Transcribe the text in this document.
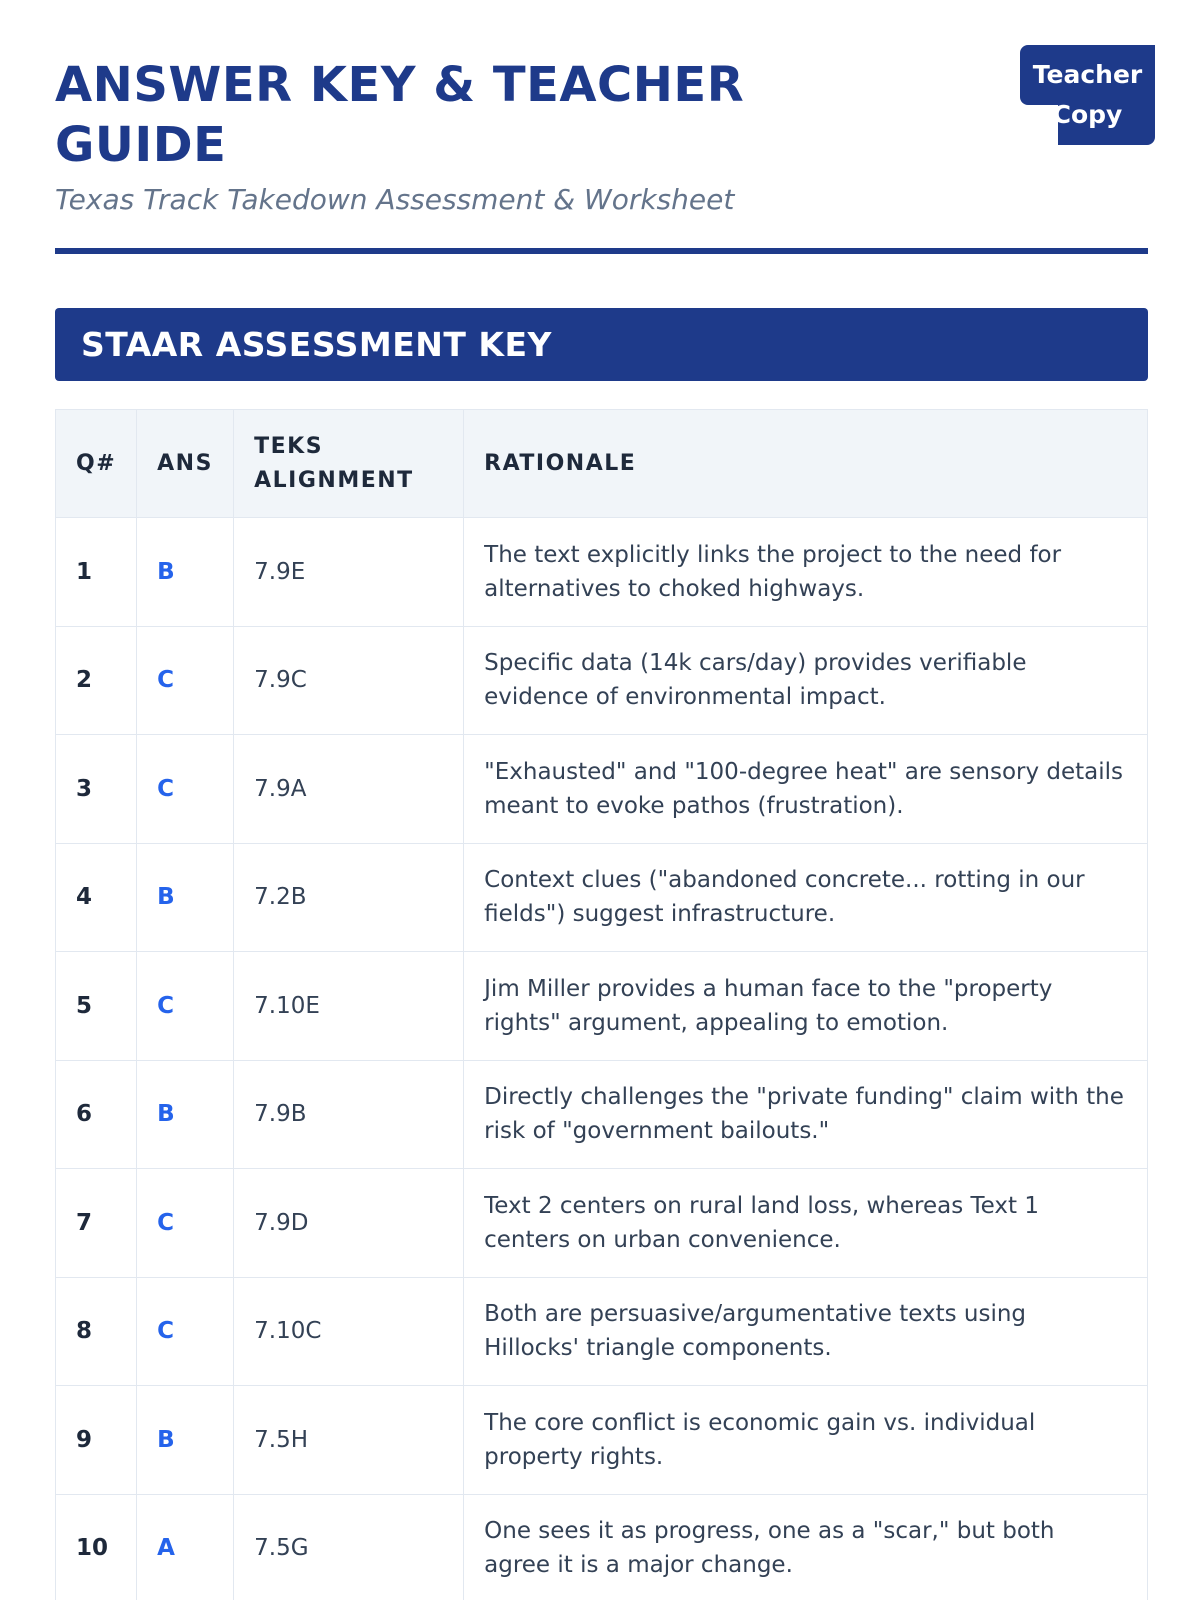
ANSWER KEY & TEACHER GUIDE
Texas Track Takedown Assessment & Worksheet
Teacher
Copy
STAAR ASSESSMENT KEY
Q#	ANS	TEKS ALIGNMENT	RATIONALE
1	B	7.9E	The text explicitly links the project to the need for alternatives to choked highways.
2	C	7.9C	Specific data (14k cars/day) provides verifiable evidence of environmental impact.
3	C	7.9A	"Exhausted" and "100-degree heat" are sensory details meant to evoke pathos (frustration).
4	B	7.2B	Context clues ("abandoned concrete... rotting in our fields") suggest infrastructure.
5	C	7.10E	Jim Miller provides a human face to the "property rights" argument, appealing to emotion.
6	B	7.9B	Directly challenges the "private funding" claim with the risk of "government bailouts."
7	C	7.9D	Text 2 centers on rural land loss, whereas Text 1 centers on urban convenience.
8	C	7.10C	Both are persuasive/argumentative texts using Hillocks' triangle components.
9	B	7.5H	The core conflict is economic gain vs. individual property rights.
10	A	7.5G	One sees it as progress, one as a "scar," but both agree it is a major change.
